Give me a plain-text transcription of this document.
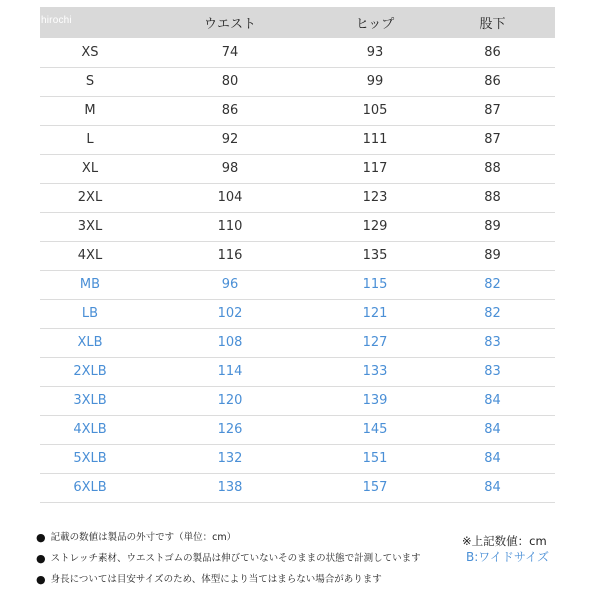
	ウエスト	ヒップ	股下
XS	74	93	86
S	80	99	86
M	86	105	87
L	92	111	87
XL	98	117	88
2XL	104	123	88
3XL	110	129	89
4XL	116	135	89
MB	96	115	82
LB	102	121	82
XLB	108	127	83
2XLB	114	133	83
3XLB	120	139	84
4XLB	126	145	84
5XLB	132	151	84
6XLB	138	157	84
hirochi
● 記載の数値は製品の外寸です（単位：cm）
● ストレッチ素材、ウエストゴムの製品は伸びていないそのままの状態で計測しています
● 身長については目安サイズのため、体型により当てはまらない場合があります
※上記数値：cm
B:ワイドサイズ
